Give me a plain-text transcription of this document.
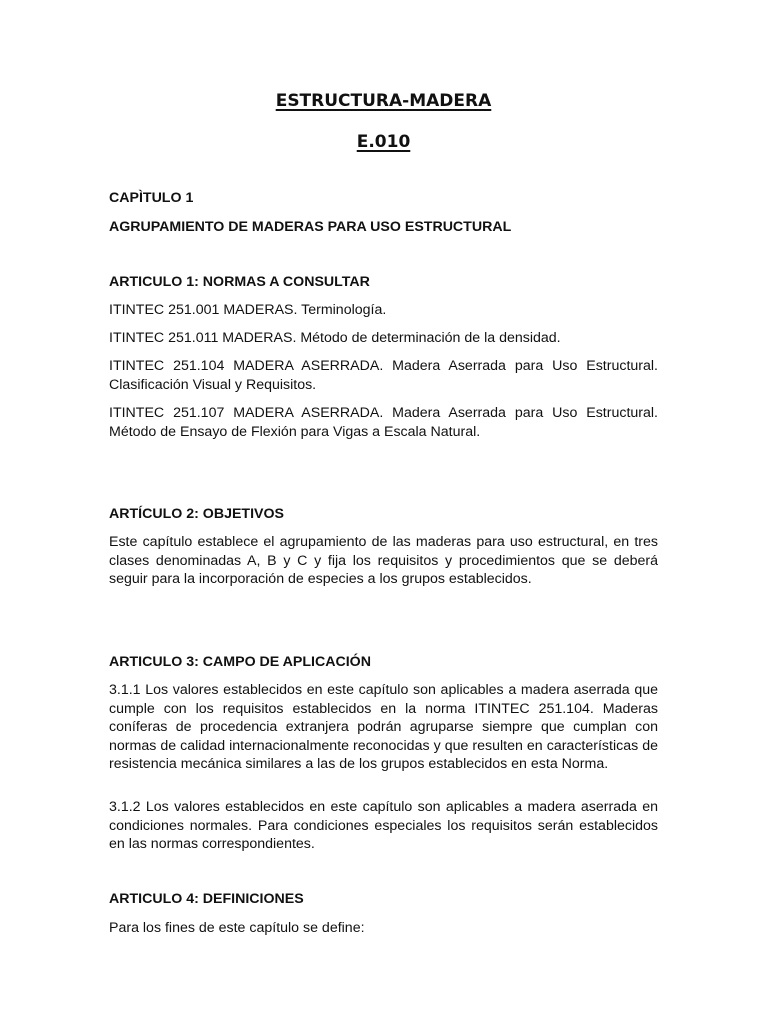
ESTRUCTURA-MADERA
E.010
CAPÌTULO 1
AGRUPAMIENTO DE MADERAS PARA USO ESTRUCTURAL
ARTICULO 1: NORMAS A CONSULTAR
ITINTEC 251.001 MADERAS. Terminología.
ITINTEC 251.011 MADERAS. Método de determinación de la densidad.
ITINTEC 251.104 MADERA ASERRADA. Madera Aserrada para Uso Estructural. Clasificación Visual y Requisitos.
ITINTEC 251.107 MADERA ASERRADA. Madera Aserrada para Uso Estructural. Método de Ensayo de Flexión para Vigas a Escala Natural.
ARTÍCULO 2: OBJETIVOS
Este capítulo establece el agrupamiento de las maderas para uso estructural, en tres clases denominadas A, B y C y fija los requisitos y procedimientos que se deberá seguir para la incorporación de especies a los grupos establecidos.
ARTICULO 3: CAMPO DE APLICACIÓN
3.1.1 Los valores establecidos en este capítulo son aplicables a madera aserrada que cumple con los requisitos establecidos en la norma ITINTEC 251.104. Maderas coníferas de procedencia extranjera podrán agruparse siempre que cumplan con normas de calidad internacionalmente reconocidas y que resulten en características de resistencia mecánica similares a las de los grupos establecidos en esta Norma.
3.1.2 Los valores establecidos en este capítulo son aplicables a madera aserrada en condiciones normales. Para condiciones especiales los requisitos serán establecidos en las normas correspondientes.
ARTICULO 4: DEFINICIONES
Para los fines de este capítulo se define:
